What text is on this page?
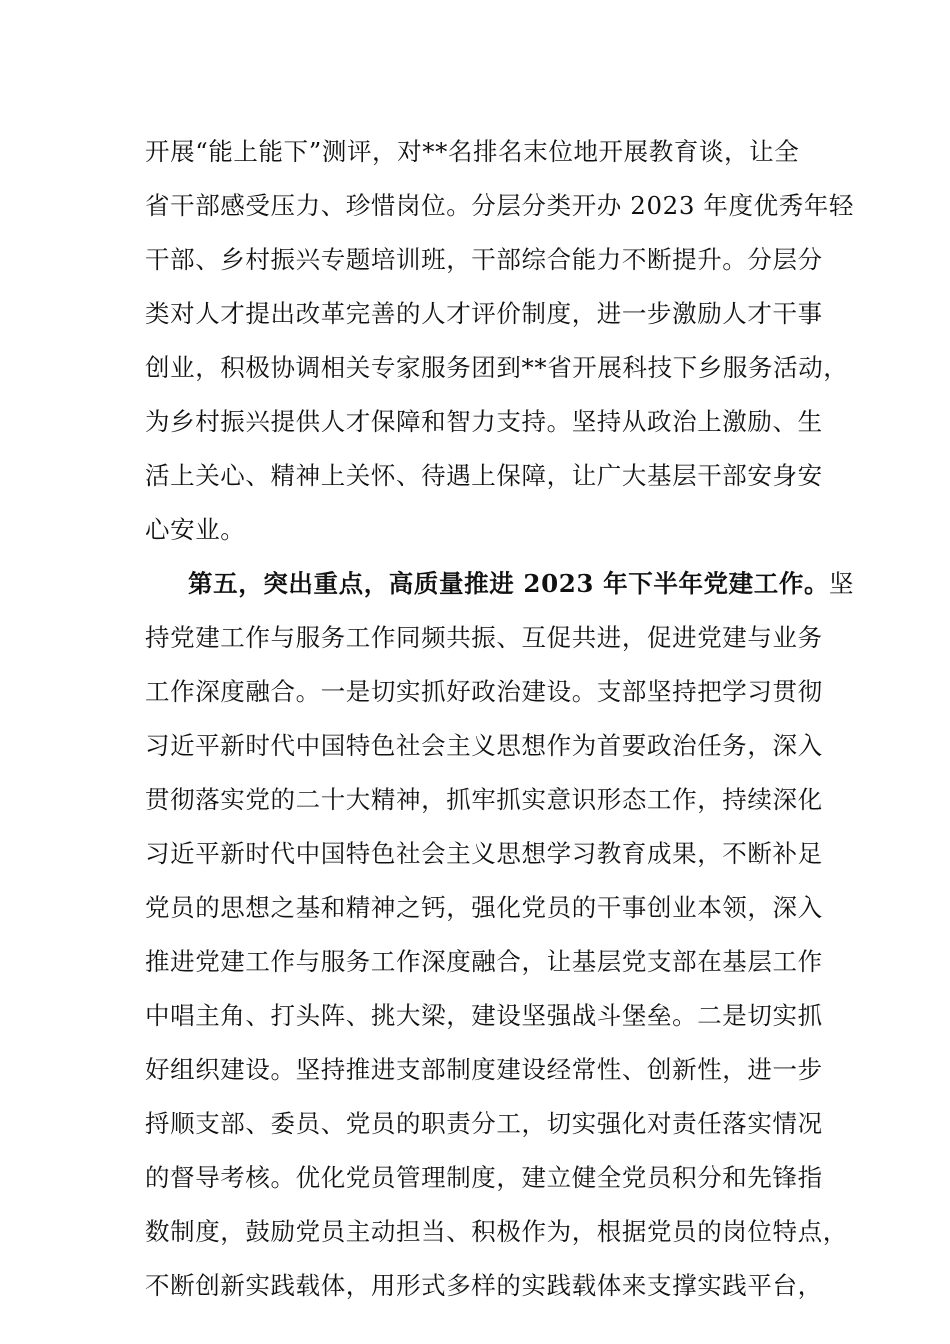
开展“能上能下”测评，对**名排名末位地开展教育谈，让全
省干部感受压力、珍惜岗位。分层分类开办 2023 年度优秀年轻
干部、乡村振兴专题培训班，干部综合能力不断提升。分层分
类对人才提出改革完善的人才评价制度，进一步激励人才干事
创业，积极协调相关专家服务团到**省开展科技下乡服务活动，
为乡村振兴提供人才保障和智力支持。坚持从政治上激励、生
活上关心、精神上关怀、待遇上保障，让广大基层干部安身安
心安业。
第五，突出重点，高质量推进 2023 年下半年党建工作。坚
持党建工作与服务工作同频共振、互促共进，促进党建与业务
工作深度融合。一是切实抓好政治建设。支部坚持把学习贯彻
习近平新时代中国特色社会主义思想作为首要政治任务，深入
贯彻落实党的二十大精神，抓牢抓实意识形态工作，持续深化
习近平新时代中国特色社会主义思想学习教育成果，不断补足
党员的思想之基和精神之钙，强化党员的干事创业本领，深入
推进党建工作与服务工作深度融合，让基层党支部在基层工作
中唱主角、打头阵、挑大梁，建设坚强战斗堡垒。二是切实抓
好组织建设。坚持推进支部制度建设经常性、创新性，进一步
捋顺支部、委员、党员的职责分工，切实强化对责任落实情况
的督导考核。优化党员管理制度，建立健全党员积分和先锋指
数制度，鼓励党员主动担当、积极作为，根据党员的岗位特点，
不断创新实践载体，用形式多样的实践载体来支撑实践平台，
